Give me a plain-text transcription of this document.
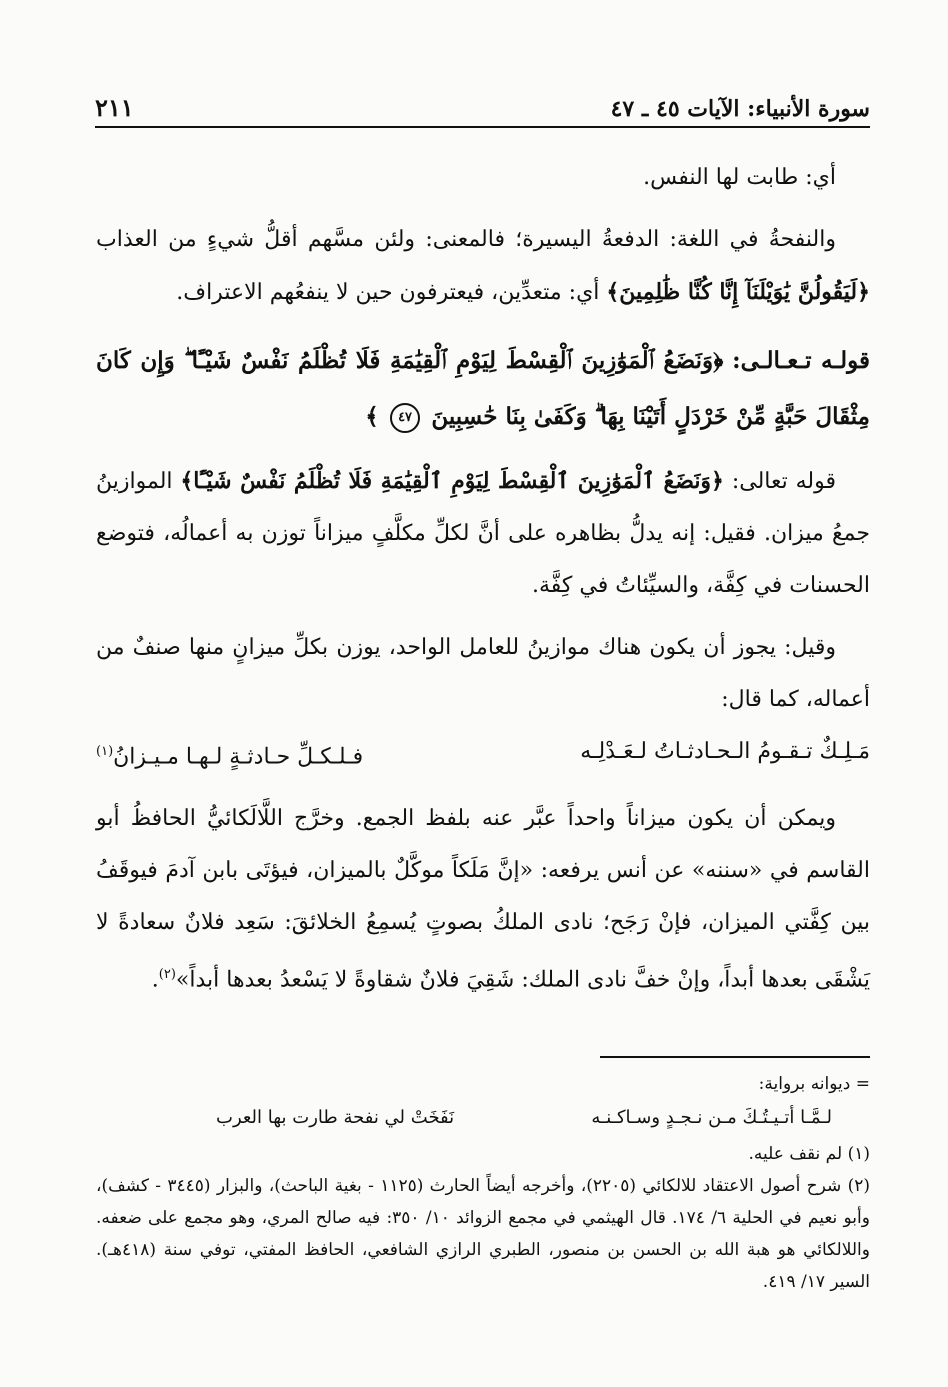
سورة الأنبياء: الآيات ٤٥ ـ ٤٧
٢١١

أي: طابت لها النفس.

والنفحةُ في اللغة: الدفعةُ اليسيرة؛ فالمعنى: ولئن مسَّهم أقلُّ شيءٍ من العذاب ﴿لَيَقُولُنَّ يَٰوَيْلَنَآ إِنَّا كُنَّا ظَٰلِمِينَ﴾ أي: متعدِّين، فيعترفون حين لا ينفعُهم الاعتراف.

قولـه تـعـالـى: ﴿وَنَضَعُ ٱلْمَوَٰزِينَ ٱلْقِسْطَ لِيَوْمِ ٱلْقِيَٰمَةِ فَلَا تُظْلَمُ نَفْسٌ شَيْـًٔا ۖ وَإِن كَانَ مِثْقَالَ حَبَّةٍ مِّنْ خَرْدَلٍ أَتَيْنَا بِهَا ۗ وَكَفَىٰ بِنَا حَٰسِبِينَ ٤٧ ﴾

قوله تعالى: ﴿وَنَضَعُ ٱلْمَوَٰزِينَ ٱلْقِسْطَ لِيَوْمِ ٱلْقِيَٰمَةِ فَلَا تُظْلَمُ نَفْسٌ شَيْـًٔا﴾ الموازينُ جمعُ ميزان. فقيل: إنه يدلُّ بظاهره على أنَّ لكلِّ مكلَّفٍ ميزاناً توزن به أعمالُه، فتوضع الحسنات في كِفَّة، والسيِّئاتُ في كِفَّة.

وقيل: يجوز أن يكون هناك موازينُ للعامل الواحد، يوزن بكلِّ ميزانٍ منها صنفٌ من أعماله، كما قال:

مَـلِـكٌ تـقـومُ الـحـادثـاتُ لـعَـدْلِـه
فـلـكـلِّ حـادثـةٍ لـهـا مـيـزانُ$^{(١)}$

ويمكن أن يكون ميزاناً واحداً عبَّر عنه بلفظ الجمع. وخرَّج اللَّالَكائيُّ الحافظُ أبو القاسم في «سننه» عن أنس يرفعه: «إنَّ مَلَكاً موكَّلٌ بالميزان، فيؤتَى بابن آدمَ فيوقَفُ بين كِفَّتي الميزان، فإنْ رَجَح؛ نادى الملكُ بصوتٍ يُسمِعُ الخلائقَ: سَعِد فلانٌ سعادةً لا يَشْقَى بعدها أبداً، وإنْ خفَّ نادى الملك: شَقِيَ فلانٌ شقاوةً لا يَسْعدُ بعدها أبداً»$^{(٢)}$.

= ديوانه برواية:

لـمَّـا أتـيـتُـكَ مـن نـجـدٍ وسـاكـنـه
نَفَخَتْ لي نفحة طارت بها العرب

(١) لم نقف عليه.

(٢) شرح أصول الاعتقاد للالكائي (٢٢٠٥)، وأخرجه أيضاً الحارث (١١٢٥ - بغية الباحث)، والبزار (٣٤٤٥ - كشف)، وأبو نعيم في الحلية ٦/ ١٧٤. قال الهيثمي في مجمع الزوائد ١٠/ ٣٥٠: فيه صالح المري، وهو مجمع على ضعفه. واللالكائي هو هبة الله بن الحسن بن منصور، الطبري الرازي الشافعي، الحافظ المفتي، توفي سنة (٤١٨هـ). السير ١٧/ ٤١٩.
